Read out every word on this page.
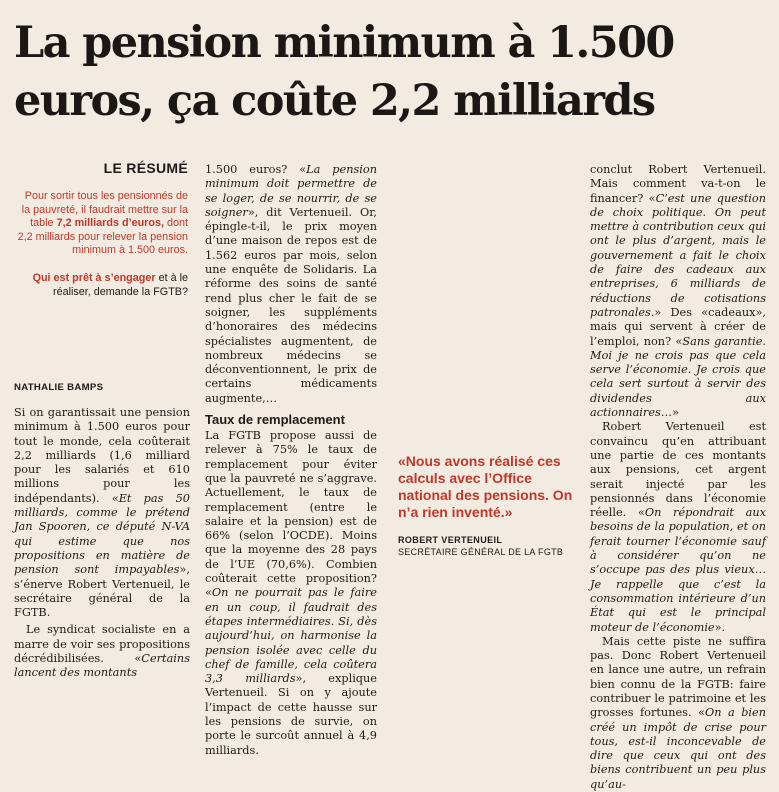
La pension minimum à 1.500 euros, ça coûte 2,2 milliards
LE RÉSUMÉ
Pour sortir tous les pensionnés de la pauvreté, il faudrait mettre sur la table 7,2 milliards d’euros, dont 2,2 milliards pour relever la pension minimum à 1.500 euros.
Qui est prêt à s’engager et à le réaliser, demande la FGTB?
NATHALIE BAMPS

Si on garantissait une pension minimum à 1.500 euros pour tout le monde, cela coûterait 2,2 milliards (1,6 milliard pour les salariés et 610 millions pour les indépendants). «Et pas 50 milliards, comme le prétend Jan Spooren, ce député N-VA qui estime que nos propositions en matière de pension sont impayables», s’énerve Robert Vertenueil, le secrétaire général de la FGTB.

Le syndicat socialiste en a marre de voir ses propositions décrédibilisées. «Certains lancent des montants

1.500 euros? «La pension minimum doit permettre de se loger, de se nourrir, de se soigner», dit Vertenueil. Or, épingle-t-il, le prix moyen d’une maison de repos est de 1.562 euros par mois, selon une enquête de Solidaris. La réforme des soins de santé rend plus cher le fait de se soigner, les suppléments d’honoraires des médecins spécialistes augmentent, de nombreux médecins se déconventionnent, le prix de certains médicaments augmente,…

Taux de remplacement

La FGTB propose aussi de relever à 75% le taux de remplacement pour éviter que la pauvreté ne s’aggrave. Actuellement, le taux de remplacement (entre le salaire et la pension) est de 66% (selon l’OCDE). Moins que la moyenne des 28 pays de l’UE (70,6%). Combien coûterait cette proposition? «On ne pourrait pas le faire en un coup, il faudrait des étapes intermédiaires. Si, dès aujourd’hui, on harmonise la pension isolée avec celle du chef de famille, cela coûtera 3,3 milliards», explique Vertenueil. Si on y ajoute l’impact de cette hausse sur les pensions de survie, on porte le surcoût annuel à 4,9 milliards.

«Nous avons réalisé ces calculs avec l’Office national des pensions. On n’a rien inventé.»
ROBERT VERTENUEIL
SECRÉTAIRE GÉNÉRAL DE LA FGTB

conclut Robert Vertenueil. Mais comment va-t-on le financer? «C’est une question de choix politique. On peut mettre à contribution ceux qui ont le plus d’argent, mais le gouvernement a fait le choix de faire des cadeaux aux entreprises, 6 milliards de réductions de cotisations patronales.» Des «cadeaux», mais qui servent à créer de l’emploi, non? «Sans garantie. Moi je ne crois pas que cela serve l’économie. Je crois que cela sert surtout à servir des dividendes aux actionnaires…»

Robert Vertenueil est convaincu qu’en attribuant une partie de ces montants aux pensions, cet argent serait injecté par les pensionnés dans l’économie réelle. «On répondrait aux besoins de la population, et on ferait tourner l’économie sauf à considérer qu’on ne s’occupe pas des plus vieux… Je rappelle que c’est la consommation intérieure d’un État qui est le principal moteur de l’économie».

Mais cette piste ne suffira pas. Donc Robert Vertenueil en lance une autre, un refrain bien connu de la FGTB: faire contribuer le patrimoine et les grosses fortunes. «On a bien créé un impôt de crise pour tous, est-il inconcevable de dire que ceux qui ont des biens contribuent un peu plus qu’au-
